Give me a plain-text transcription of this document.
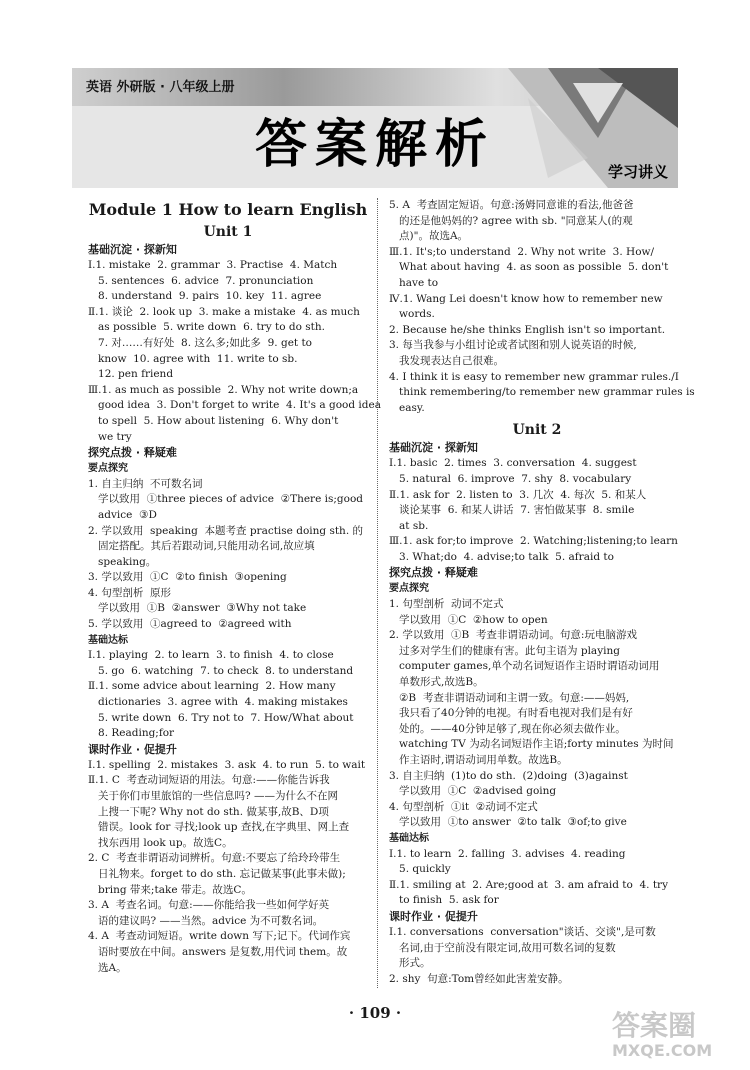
英语 外研版 · 八年级上册
答案解析	学习讲义
Module 1 How to learn English
Unit 1
基础沉淀 · 探新知
Ⅰ.1. mistake  2. grammar  3. Practise  4. Match
5. sentences  6. advice  7. pronunciation
8. understand  9. pairs  10. key  11. agree
Ⅱ.1. 谈论  2. look up  3. make a mistake  4. as much
as possible  5. write down  6. try to do sth.
7. 对……有好处  8. 这么多;如此多  9. get to
know  10. agree with  11. write to sb.
12. pen friend
Ⅲ.1. as much as possible  2. Why not write down;a
good idea  3. Don't forget to write  4. It's a good idea
to spell  5. How about listening  6. Why don't
we try
探究点拨 · 释疑难
要点探究
1. 自主归纳  不可数名词
学以致用  ①three pieces of advice  ②There is;good
advice  ③D
2. 学以致用  speaking  本题考查 practise doing sth. 的
固定搭配。其后若跟动词,只能用动名词,故应填
speaking。
3. 学以致用  ①C  ②to finish  ③opening
4. 句型剖析  原形
学以致用  ①B  ②answer  ③Why not take
5. 学以致用  ①agreed to  ②agreed with
基础达标
Ⅰ.1. playing  2. to learn  3. to finish  4. to close
5. go  6. watching  7. to check  8. to understand
Ⅱ.1. some advice about learning  2. How many
dictionaries  3. agree with  4. making mistakes
5. write down  6. Try not to  7. How/What about
8. Reading;for
课时作业 · 促提升
Ⅰ.1. spelling  2. mistakes  3. ask  4. to run  5. to wait
Ⅱ.1. C  考查动词短语的用法。句意:——你能告诉我
关于你们市里旅馆的一些信息吗? ——为什么不在网
上搜一下呢? Why not do sth. 做某事,故B、D项
错误。look for 寻找;look up 查找,在字典里、网上查
找东西用 look up。故选C。
2. C  考查非谓语动词辨析。句意:不要忘了给玲玲带生
日礼物来。forget to do sth. 忘记做某事(此事未做);
bring 带来;take 带走。故选C。
3. A  考查名词。句意:——你能给我一些如何学好英
语的建议吗? ——当然。advice 为不可数名词。
4. A  考查动词短语。write down 写下;记下。代词作宾
语时要放在中间。answers 是复数,用代词 them。故
选A。
5. A  考查固定短语。句意:汤姆同意谁的看法,他爸爸
的还是他妈妈的? agree with sb. "同意某人(的观
点)"。故选A。
Ⅲ.1. It's;to understand  2. Why not write  3. How/
What about having  4. as soon as possible  5. don't
have to
Ⅳ.1. Wang Lei doesn't know how to remember new
words.
2. Because he/she thinks English isn't so important.
3. 每当我参与小组讨论或者试图和别人说英语的时候,
我发现表达自己很难。
4. I think it is easy to remember new grammar rules./I
think remembering/to remember new grammar rules is
easy.
Unit 2
基础沉淀 · 探新知
Ⅰ.1. basic  2. times  3. conversation  4. suggest
5. natural  6. improve  7. shy  8. vocabulary
Ⅱ.1. ask for  2. listen to  3. 几次  4. 每次  5. 和某人
谈论某事  6. 和某人讲话  7. 害怕做某事  8. smile
at sb.
Ⅲ.1. ask for;to improve  2. Watching;listening;to learn
3. What;do  4. advise;to talk  5. afraid to
探究点拨 · 释疑难
要点探究
1. 句型剖析  动词不定式
学以致用  ①C  ②how to open
2. 学以致用  ①B  考查非谓语动词。句意:玩电脑游戏
过多对学生们的健康有害。此句主语为 playing
computer games,单个动名词短语作主语时谓语动词用
单数形式,故选B。
②B  考查非谓语动词和主谓一致。句意:——妈妈,
我只看了40分钟的电视。有时看电视对我们是有好
处的。——40分钟足够了,现在你必须去做作业。
watching TV 为动名词短语作主语;forty minutes 为时间
作主语时,谓语动词用单数。故选B。
3. 自主归纳  (1)to do sth.  (2)doing  (3)against
学以致用  ①C  ②advised going
4. 句型剖析  ①it  ②动词不定式
学以致用  ①to answer  ②to talk  ③of;to give
基础达标
Ⅰ.1. to learn  2. falling  3. advises  4. reading
5. quickly
Ⅱ.1. smiling at  2. Are;good at  3. am afraid to  4. try
to finish  5. ask for
课时作业 · 促提升
Ⅰ.1. conversations  conversation"谈话、交谈",是可数
名词,由于空前没有限定词,故用可数名词的复数
形式。
2. shy  句意:Tom曾经如此害羞安静。
· 109 ·	答案圈
MXQE.COM
